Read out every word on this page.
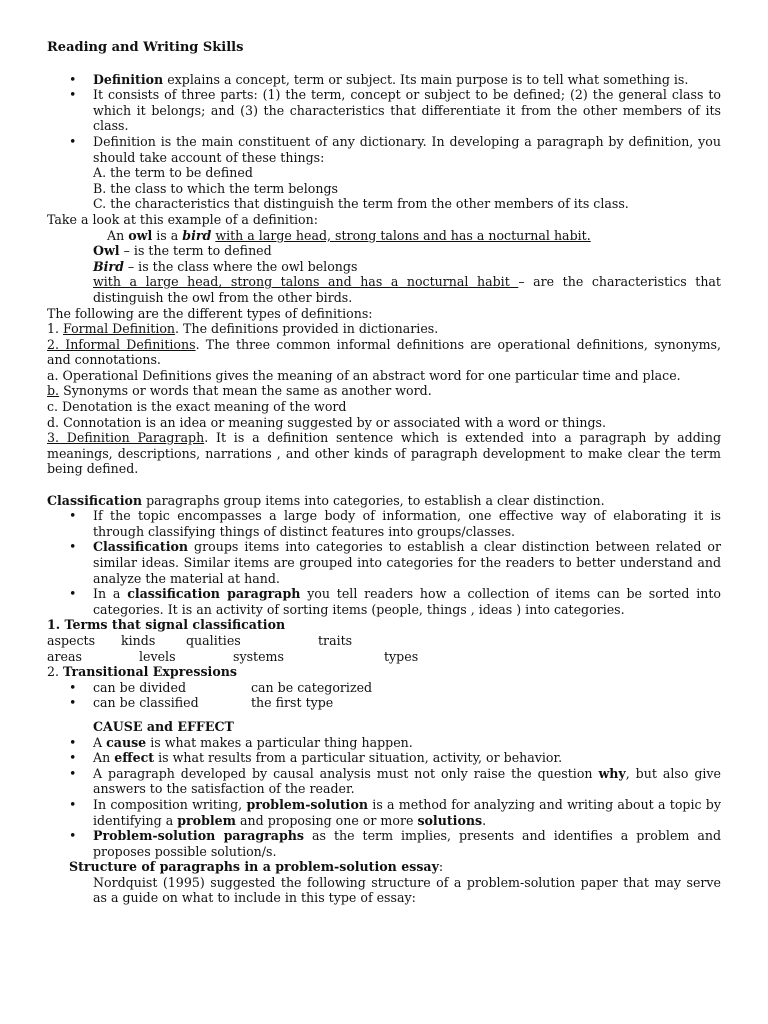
Reading and Writing Skills
• Definition explains a concept, term or subject. Its main purpose is to tell what something is.
• It consists of three parts: (1) the term, concept or subject to be defined; (2) the general class to which it belongs; and (3) the characteristics that differentiate it from the other members of its class.
• Definition is the main constituent of any dictionary. In developing a paragraph by definition, you should take account of these things:
A. the term to be defined
B. the class to which the term belongs
C. the characteristics that distinguish the term from the other members of its class.
Take a look at this example of a definition:
An owl is a bird with a large head, strong talons and has a nocturnal habit.
Owl – is the term to defined
Bird – is the class where the owl belongs
with a large head, strong talons and has a nocturnal habit – are the characteristics that distinguish the owl from the other birds.
The following are the different types of definitions:
1. Formal Definition. The definitions provided in dictionaries.
2. Informal Definitions. The three common informal definitions are operational definitions, synonyms, and connotations.
a. Operational Definitions gives the meaning of an abstract word for one particular time and place.
b. Synonyms or words that mean the same as another word.
c. Denotation is the exact meaning of the word
d. Connotation is an idea or meaning suggested by or associated with a word or things.
3. Definition Paragraph. It is a definition sentence which is extended into a paragraph by adding meanings, descriptions, narrations , and other kinds of paragraph development to make clear the term being defined.
Classification paragraphs group items into categories, to establish a clear distinction.
• If the topic encompasses a large body of information, one effective way of elaborating it is through classifying things of distinct features into groups/classes.
• Classification groups items into categories to establish a clear distinction between related or similar ideas. Similar items are grouped into categories for the readers to better understand and analyze the material at hand.
• In a classification paragraph you tell readers how a collection of items can be sorted into categories. It is an activity of sorting items (people, things , ideas ) into categories.
1. Terms that signal classification
aspects	kinds	qualities	traits
areas	levels	systems	types
2. Transitional Expressions
• can be divided	can be categorized
• can be classified	the first type
CAUSE and EFFECT
• A cause is what makes a particular thing happen.
• An effect is what results from a particular situation, activity, or behavior.
• A paragraph developed by causal analysis must not only raise the question why, but also give answers to the satisfaction of the reader.
• In composition writing, problem-solution is a method for analyzing and writing about a topic by identifying a problem and proposing one or more solutions.
• Problem-solution paragraphs as the term implies, presents and identifies a problem and proposes possible solution/s.
Structure of paragraphs in a problem-solution essay:
Nordquist (1995) suggested the following structure of a problem-solution paper that may serve as a guide on what to include in this type of essay:
